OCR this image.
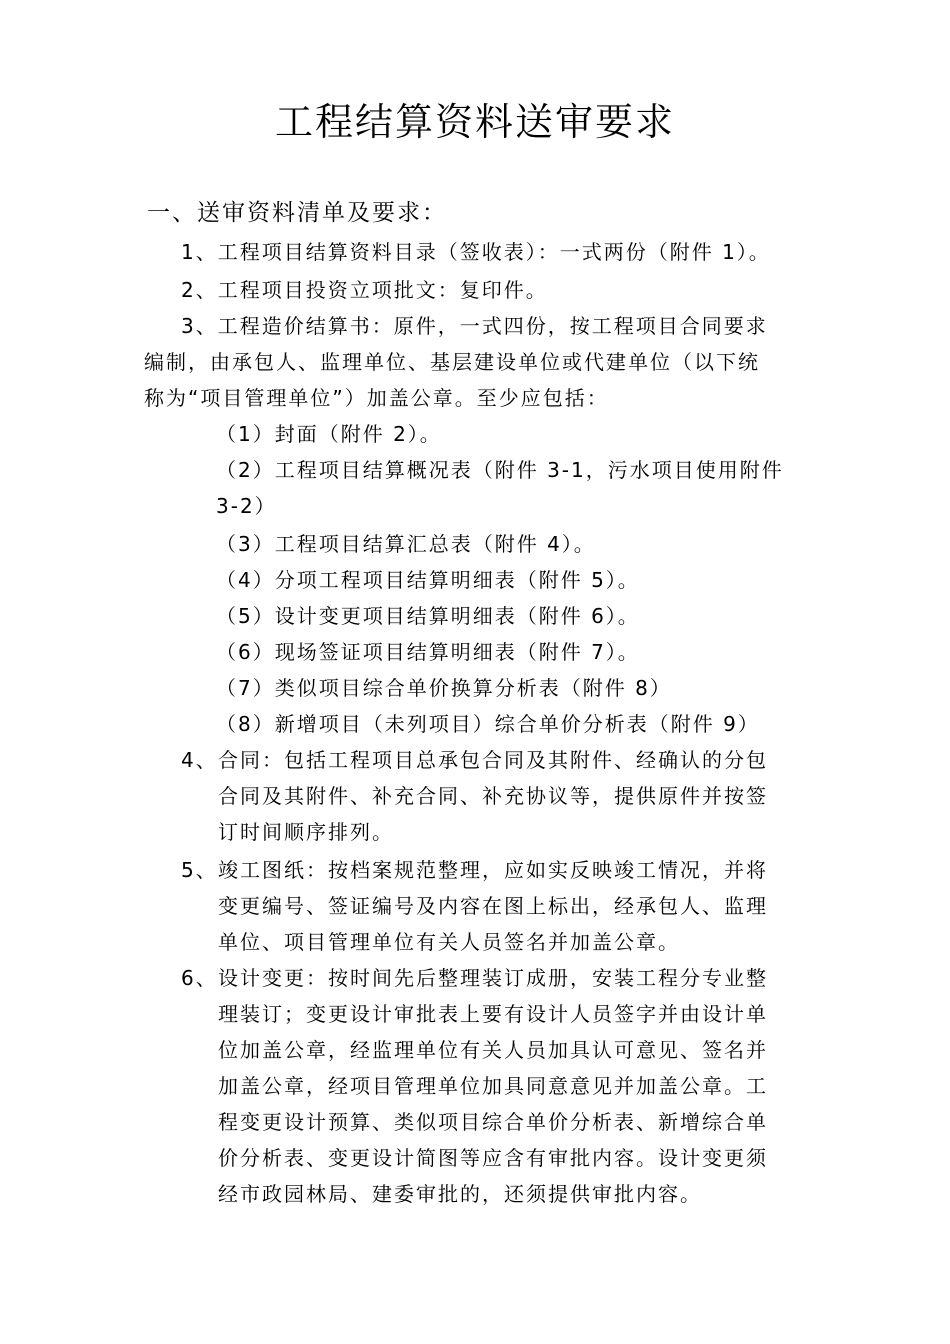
工程结算资料送审要求
一、送审资料清单及要求：
1、工程项目结算资料目录（签收表）：一式两份（附件 1）。
2、工程项目投资立项批文：复印件。
3、工程造价结算书：原件，一式四份，按工程项目合同要求
编制，由承包人、监理单位、基层建设单位或代建单位（以下统
称为“项目管理单位”）加盖公章。至少应包括：
（1）封面（附件 2）。
（2）工程项目结算概况表（附件 3-1，污水项目使用附件
3-2）
（3）工程项目结算汇总表（附件 4）。
（4）分项工程项目结算明细表（附件 5）。
（5）设计变更项目结算明细表（附件 6）。
（6）现场签证项目结算明细表（附件 7）。
（7）类似项目综合单价换算分析表（附件 8）
（8）新增项目（未列项目）综合单价分析表（附件 9）
4、 合同：包括工程项目总承包合同及其附件、经确认的分包
合同及其附件、补充合同、补充协议等，提供原件并按签
订时间顺序排列。
5、 竣工图纸：按档案规范整理，应如实反映竣工情况，并将
变更编号、签证编号及内容在图上标出，经承包人、监理
单位、项目管理单位有关人员签名并加盖公章。
6、 设计变更：按时间先后整理装订成册，安装工程分专业整
理装订；变更设计审批表上要有设计人员签字并由设计单
位加盖公章，经监理单位有关人员加具认可意见、签名并
加盖公章，经项目管理单位加具同意意见并加盖公章。工
程变更设计预算、类似项目综合单价分析表、新增综合单
价分析表、变更设计简图等应含有审批内容。设计变更须
经市政园林局、建委审批的，还须提供审批内容。
